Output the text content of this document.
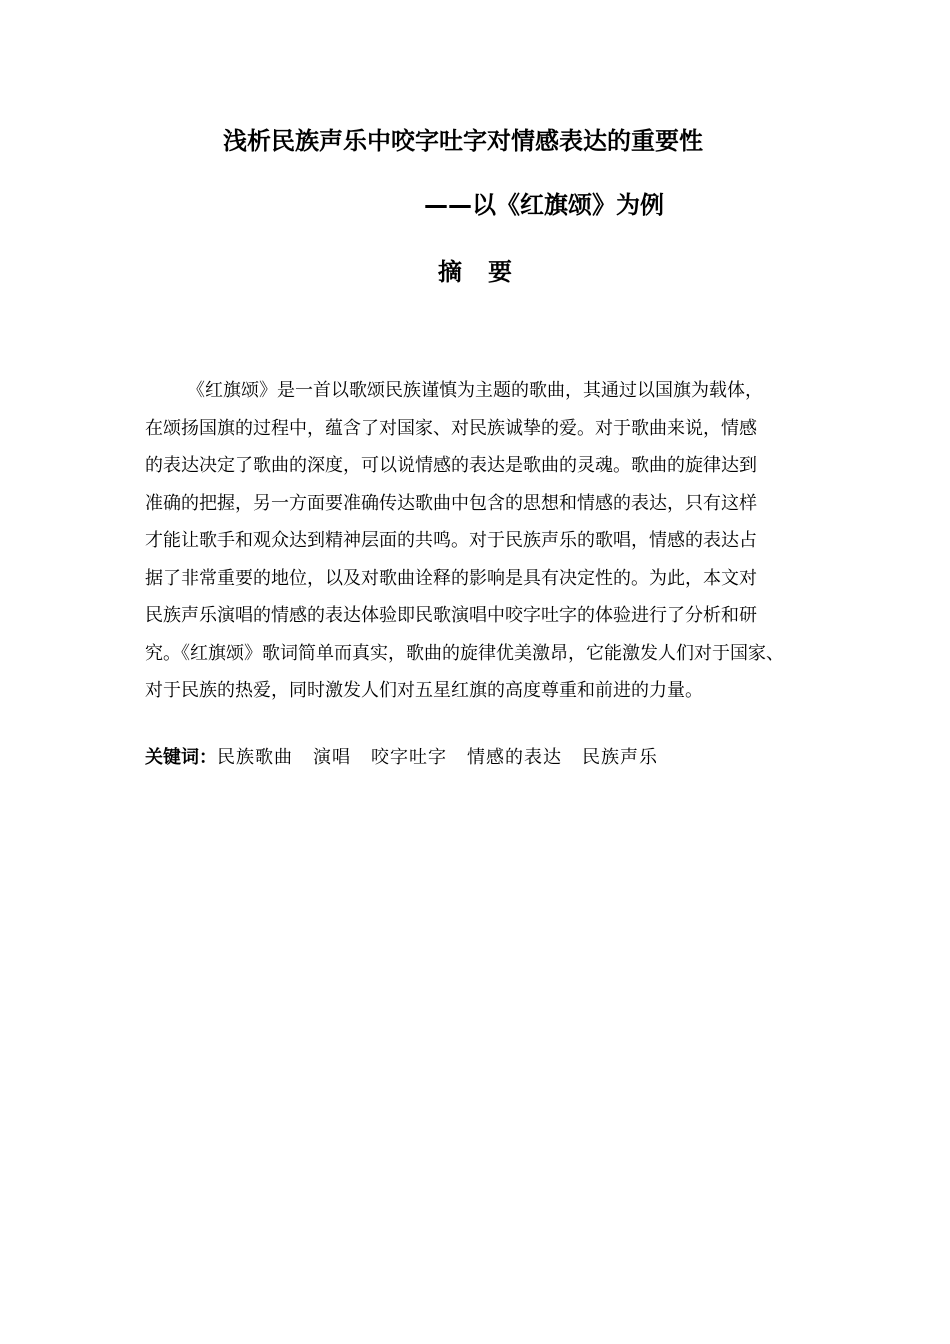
浅析民族声乐中咬字吐字对情感表达的重要性
——以《红旗颂》为例
摘要
《红旗颂》是一首以歌颂民族谨慎为主题的歌曲，其通过以国旗为载体，
在颂扬国旗的过程中，蕴含了对国家、对民族诚挚的爱。对于歌曲来说，情感
的表达决定了歌曲的深度，可以说情感的表达是歌曲的灵魂。歌曲的旋律达到
准确的把握，另一方面要准确传达歌曲中包含的思想和情感的表达，只有这样
才能让歌手和观众达到精神层面的共鸣。对于民族声乐的歌唱，情感的表达占
据了非常重要的地位，以及对歌曲诠释的影响是具有决定性的。为此，本文对
民族声乐演唱的情感的表达体验即民歌演唱中咬字吐字的体验进行了分析和研
究。《红旗颂》歌词简单而真实，歌曲的旋律优美激昂，它能激发人们对于国家、
对于民族的热爱，同时激发人们对五星红旗的高度尊重和前进的力量。
关键词：民族歌曲 演唱 咬字吐字 情感的表达 民族声乐
